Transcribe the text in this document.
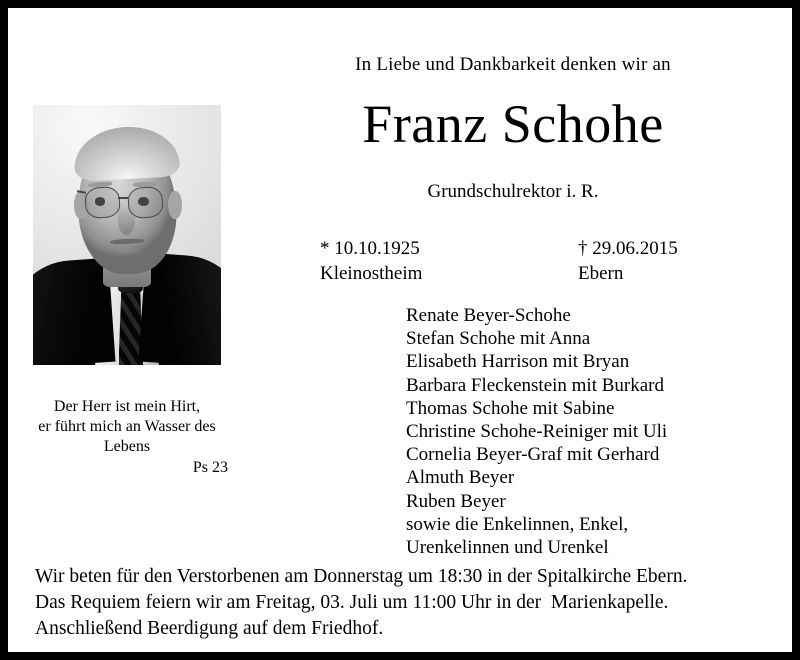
In Liebe und Dankbarkeit denken wir an
Franz Schohe
Grundschulrektor i. R.
* 10.10.1925
Kleinostheim
† 29.06.2015
Ebern
Renate Beyer-Schohe
Stefan Schohe mit Anna
Elisabeth Harrison mit Bryan
Barbara Fleckenstein mit Burkard
Thomas Schohe mit Sabine
Christine Schohe-Reiniger mit Uli
Cornelia Beyer-Graf mit Gerhard
Almuth Beyer
Ruben Beyer
sowie die Enkelinnen, Enkel,
Urenkelinnen und Urenkel
Der Herr ist mein Hirt,
er führt mich an Wasser des Lebens
Ps 23
Wir beten für den Verstorbenen am Donnerstag um 18:30 in der Spitalkirche Ebern.
Das Requiem feiern wir am Freitag, 03. Juli um 11:00 Uhr in der  Marienkapelle.
Anschließend Beerdigung auf dem Friedhof.
